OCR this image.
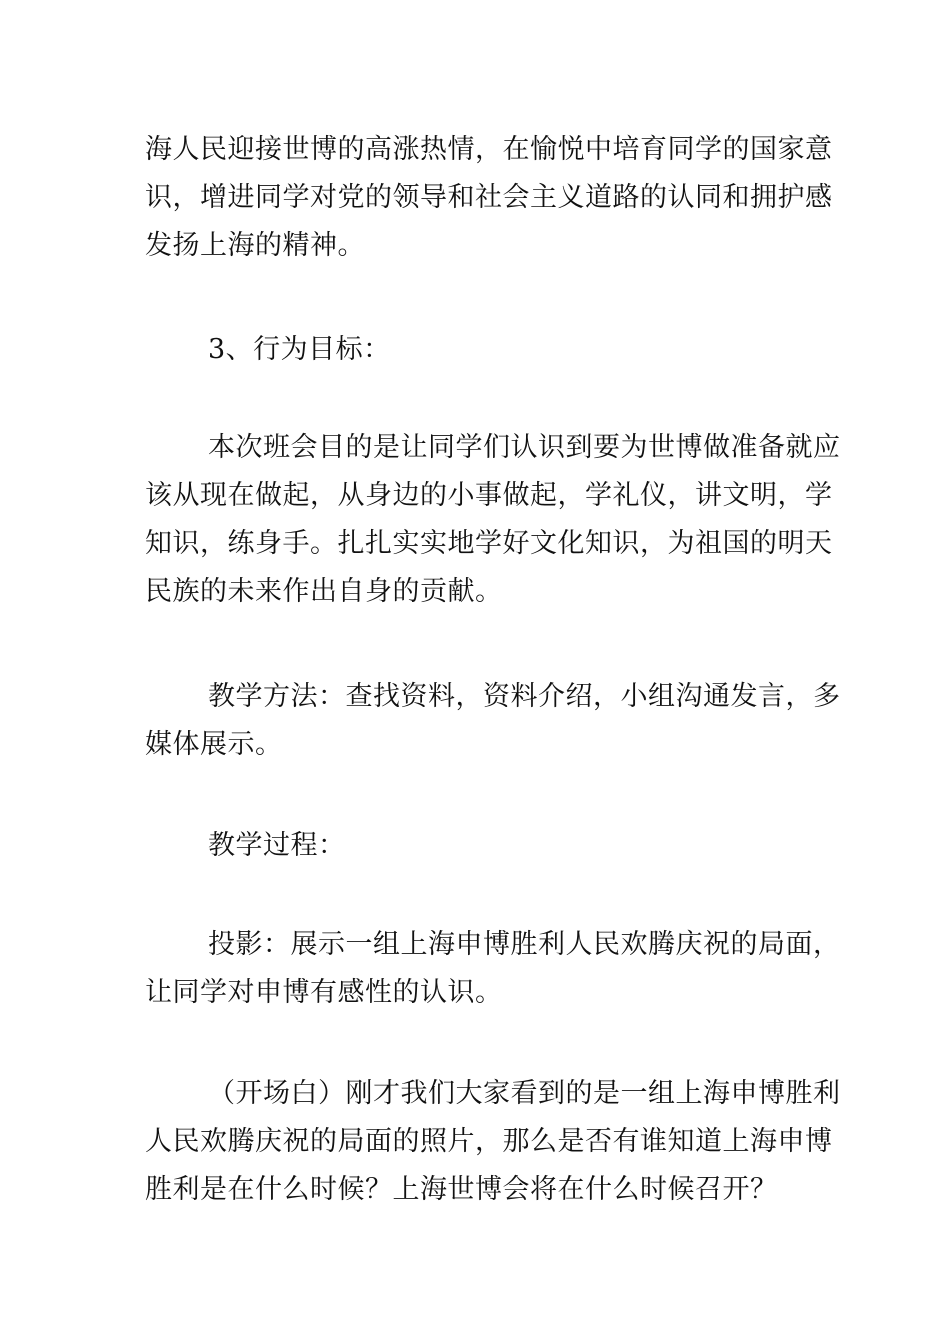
海人民迎接世博的高涨热情，在愉悦中培育同学的国家意
识，增进同学对党的领导和社会主义道路的认同和拥护感
发扬上海的精神。

3、行为目标：

本次班会目的是让同学们认识到要为世博做准备就应
该从现在做起，从身边的小事做起，学礼仪，讲文明，学
知识，练身手。扎扎实实地学好文化知识，为祖国的明天
民族的未来作出自身的贡献。

教学方法：查找资料，资料介绍，小组沟通发言，多
媒体展示。

教学过程：

投影：展示一组上海申博胜利人民欢腾庆祝的局面，
让同学对申博有感性的认识。

（开场白）刚才我们大家看到的是一组上海申博胜利
人民欢腾庆祝的局面的照片，那么是否有谁知道上海申博
胜利是在什么时候？上海世博会将在什么时候召开？
